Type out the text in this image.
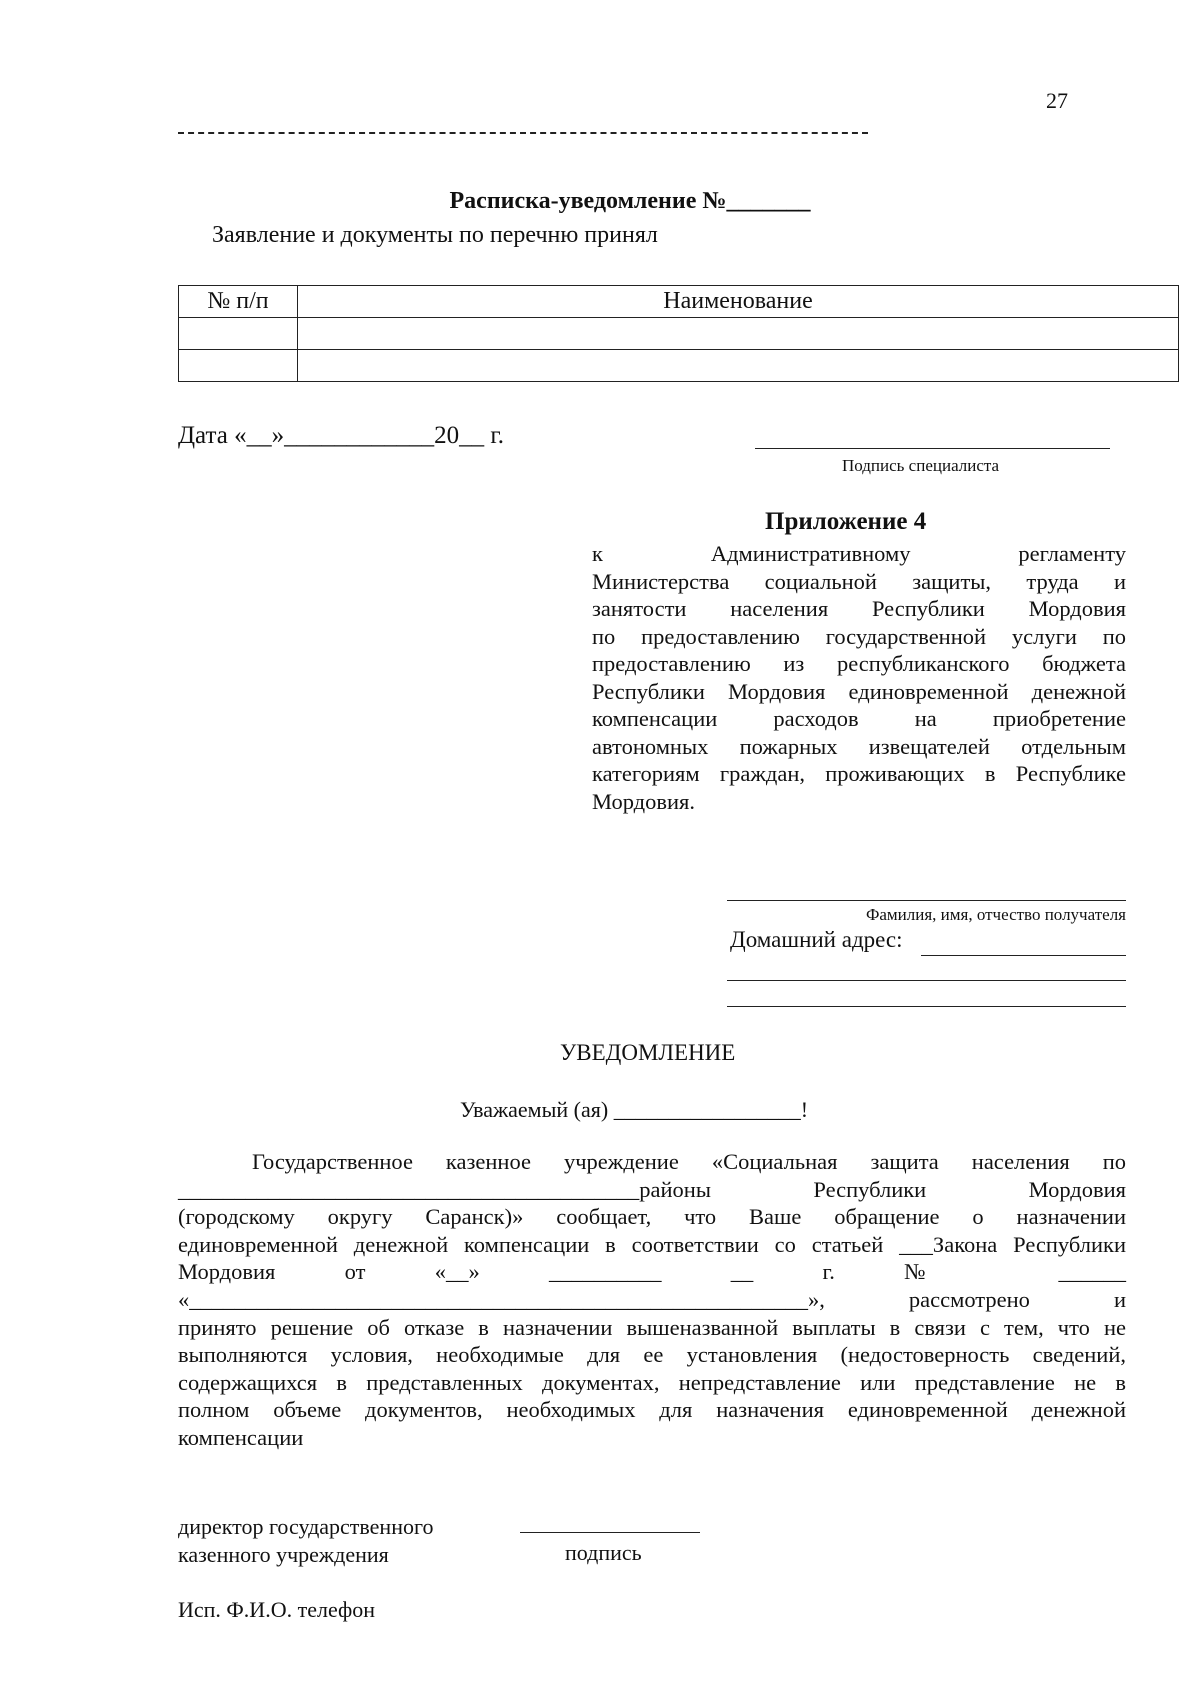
27
Расписка-уведомление №_______
Заявление и документы по перечню принял
№ п/п	Наименование

Дата «__»____________20__ г.
Подпись специалиста
Приложение 4
к Административному регламенту
Министерства социальной защиты, труда и
занятости населения Республики Мордовия
по предоставлению государственной услуги по
предоставлению из республиканского бюджета
Республики Мордовия единовременной денежной
компенсации расходов на приобретение
автономных пожарных извещателей отдельным
категориям граждан, проживающих в Республике
Мордовия.
Фамилия, имя, отчество получателя
Домашний адрес:
УВЕДОМЛЕНИЕ
Уважаемый (ая) _________________!
Государственное казенное учреждение «Социальная защита населения по
_________________________________________районы Республики Мордовия
(городскому округу Саранск)» сообщает, что Ваше обращение о назначении
единовременной денежной компенсации в соответствии со статьей ___Закона Республики
Мордовия от «__» __________ __ г. № ______
«_______________________________________________________», рассмотрено и
принято решение об отказе в назначении вышеназванной выплаты в связи с тем, что не
выполняются условия, необходимые для ее установления (недостоверность сведений,
содержащихся в представленных документах, непредставление или представление не в
полном объеме документов, необходимых для назначения единовременной денежной
компенсации
директор государственного
казенного учреждения	подпись
Исп. Ф.И.О. телефон
